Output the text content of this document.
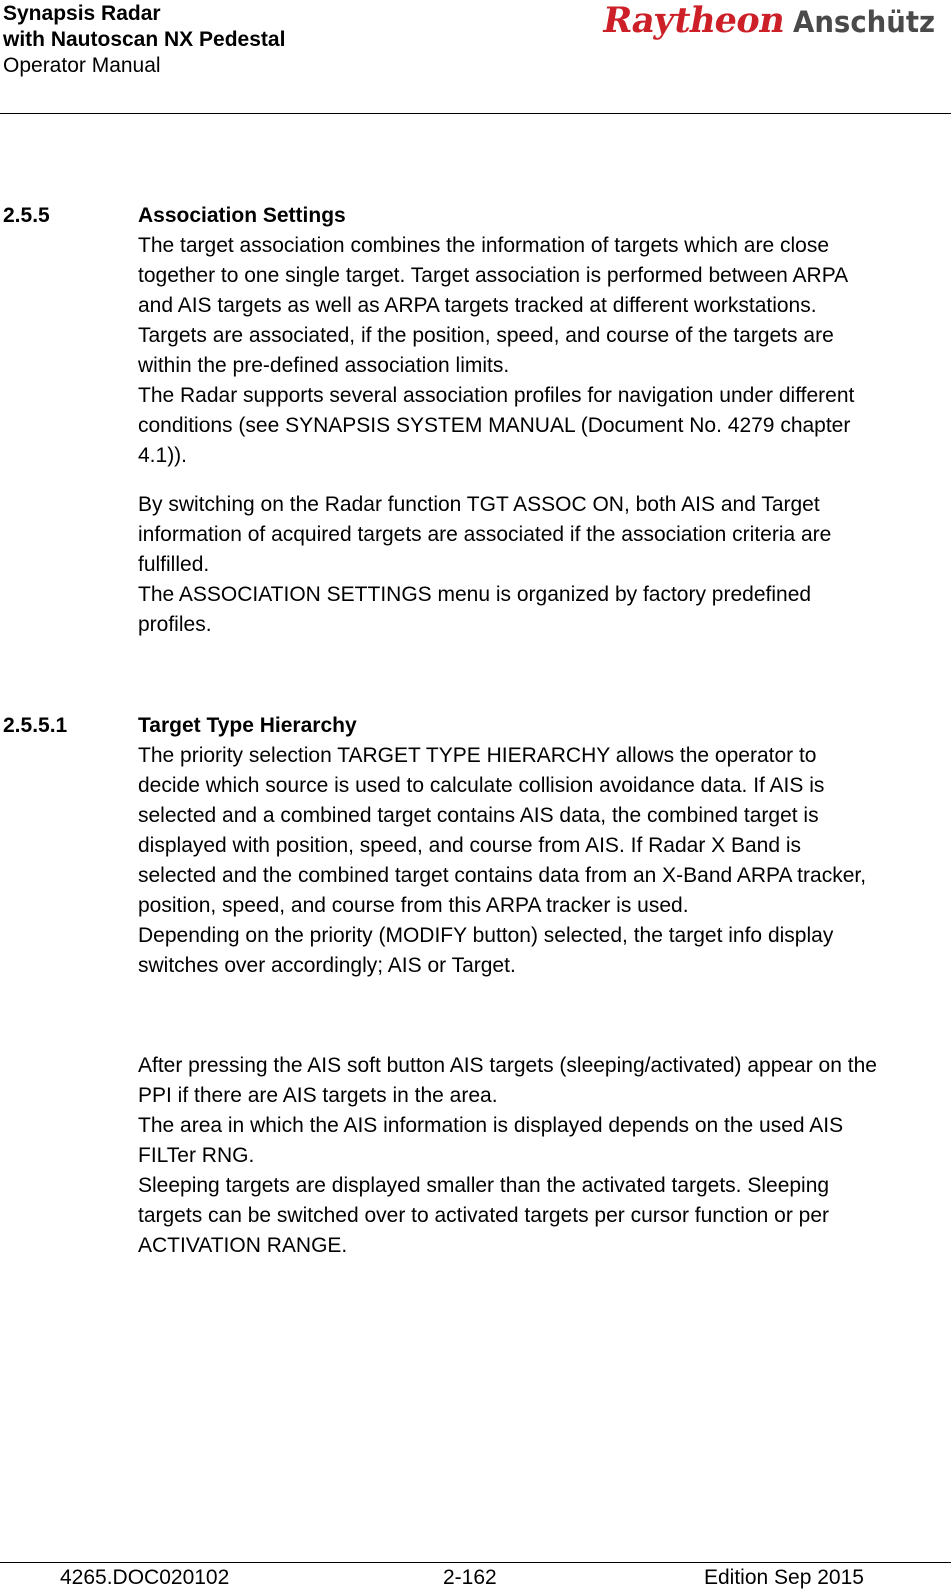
Synapsis Radar
with Nautoscan NX Pedestal
Operator Manual
Raytheon Anschütz
2.5.5	Association Settings
The target association combines the information of targets which are close
together to one single target. Target association is performed between ARPA
and AIS targets as well as ARPA targets tracked at different workstations.
Targets are associated, if the position, speed, and course of the targets are
within the pre-defined association limits.
The Radar supports several association profiles for navigation under different
conditions (see SYNAPSIS SYSTEM MANUAL (Document No. 4279 chapter
4.1)).
By switching on the Radar function TGT ASSOC ON, both AIS and Target
information of acquired targets are associated if the association criteria are
fulfilled.
The ASSOCIATION SETTINGS menu is organized by factory predefined
profiles.
2.5.5.1	Target Type Hierarchy
The priority selection TARGET TYPE HIERARCHY allows the operator to
decide which source is used to calculate collision avoidance data. If AIS is
selected and a combined target contains AIS data, the combined target is
displayed with position, speed, and course from AIS. If Radar X Band is
selected and the combined target contains data from an X-Band ARPA tracker,
position, speed, and course from this ARPA tracker is used.
Depending on the priority (MODIFY button) selected, the target info display
switches over accordingly; AIS or Target.
After pressing the AIS soft button AIS targets (sleeping/activated) appear on the
PPI if there are AIS targets in the area.
The area in which the AIS information is displayed depends on the used AIS
FILTer RNG.
Sleeping targets are displayed smaller than the activated targets. Sleeping
targets can be switched over to activated targets per cursor function or per
ACTIVATION RANGE.
4265.DOC020102	2-162	Edition Sep 2015
